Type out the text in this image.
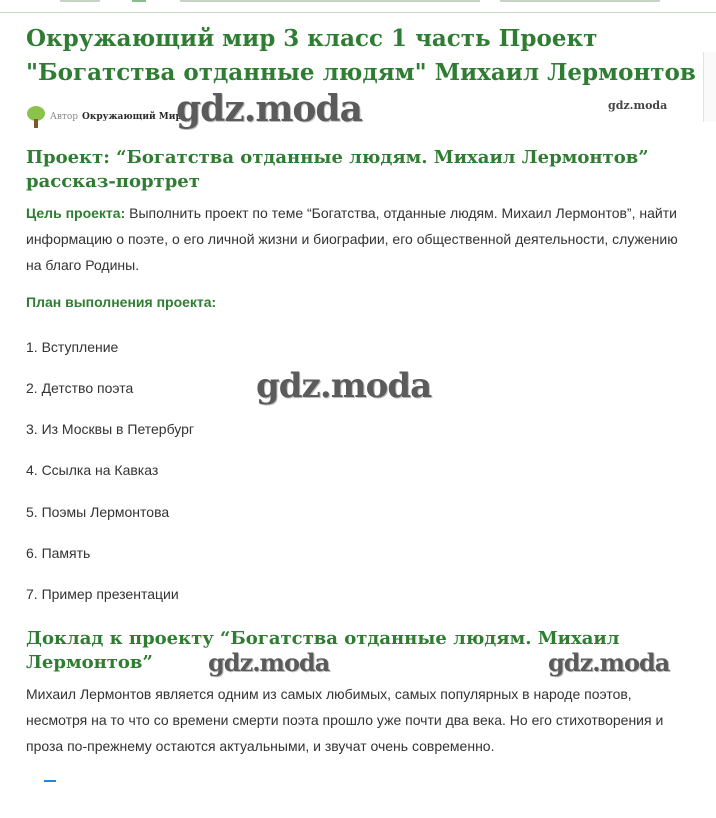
Окружающий мир 3 класс 1 часть Проект "Богатства отданные людям" Михаил Лермонтов
Автор Окружающий Мир
gdz.moda	gdz.moda
Проект: “Богатства отданные людям. Михаил Лермонтов” рассказ-портрет

Цель проекта: Выполнить проект по теме “Богатства, отданные людям. Михаил Лермонтов”, найти информацию о поэте, о его личной жизни и биографии, его общественной деятельности, служению на благо Родины.

План выполнения проекта:

1. Вступление

2. Детство поэта

3. Из Москвы в Петербург

4. Ссылка на Кавказ

5. Поэмы Лермонтова

6. Память

7. Пример презентации

gdz.moda
Доклад к проекту “Богатства отданные людям. Михаил Лермонтов”	gdz.moda	gdz.moda

Михаил Лермонтов является одним из самых любимых, самых популярных в народе поэтов, несмотря на то что со времени смерти поэта прошло уже почти два века. Но его стихотворения и проза по-прежнему остаются актуальными, и звучат очень современно.
